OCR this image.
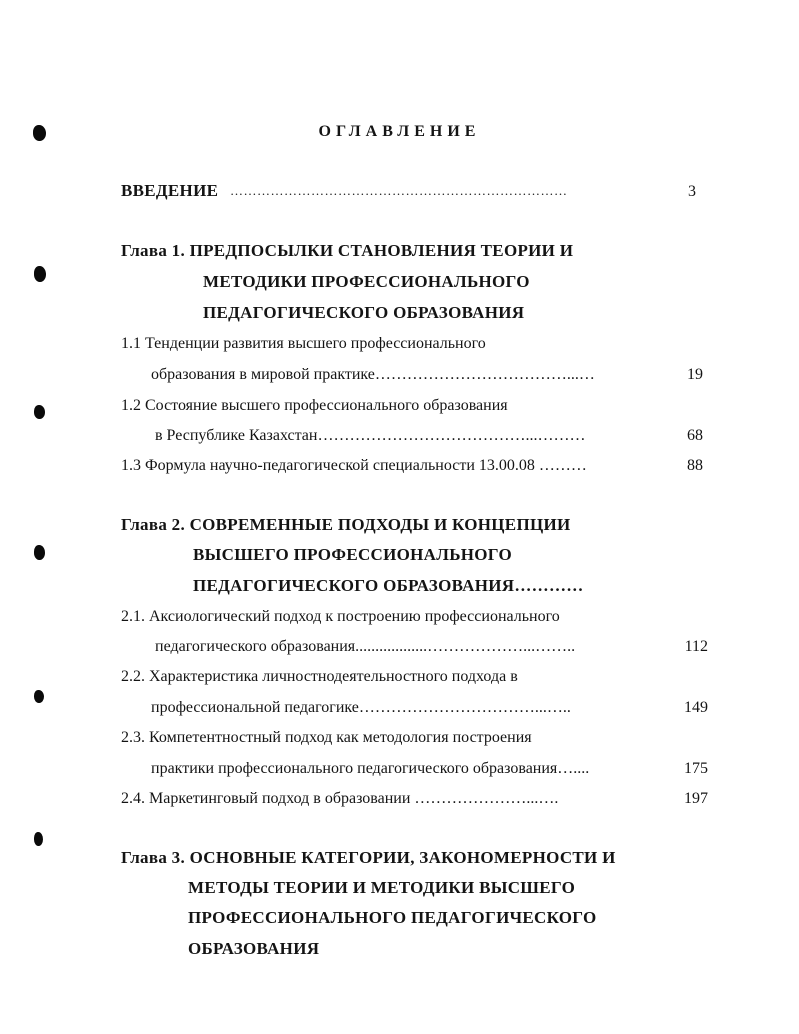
ОГЛАВЛЕНИЕ
ВВЕДЕНИЕ …………………………………………………………………	3
Глава 1. ПРЕДПОСЫЛКИ СТАНОВЛЕНИЯ ТЕОРИИ И
МЕТОДИКИ ПРОФЕССИОНАЛЬНОГО
ПЕДАГОГИЧЕСКОГО ОБРАЗОВАНИЯ
1.1 Тенденции развития высшего профессионального
образования в мировой практике………………………………...…	19
1.2 Состояние высшего профессионального образования
в Республике Казахстан…………………………………...………	68
1.3 Формула научно-педагогической специальности 13.00.08 ………	88
Глава 2. СОВРЕМЕННЫЕ ПОДХОДЫ И КОНЦЕПЦИИ
ВЫСШЕГО ПРОФЕССИОНАЛЬНОГО
ПЕДАГОГИЧЕСКОГО ОБРАЗОВАНИЯ…………
2.1. Аксиологический подход к построению профессионального
педагогического образования..................………………...……..	112
2.2. Характеристика личностнодеятельностного подхода в
профессиональной педагогике……………………………...…..	149
2.3. Компетентностный подход как методология построения
практики профессионального педагогического образования…....	175
2.4. Маркетинговый подход в образовании …………………...….	197
Глава 3. ОСНОВНЫЕ КАТЕГОРИИ, ЗАКОНОМЕРНОСТИ И
МЕТОДЫ ТЕОРИИ И МЕТОДИКИ ВЫСШЕГО
ПРОФЕССИОНАЛЬНОГО ПЕДАГОГИЧЕСКОГО
ОБРАЗОВАНИЯ
